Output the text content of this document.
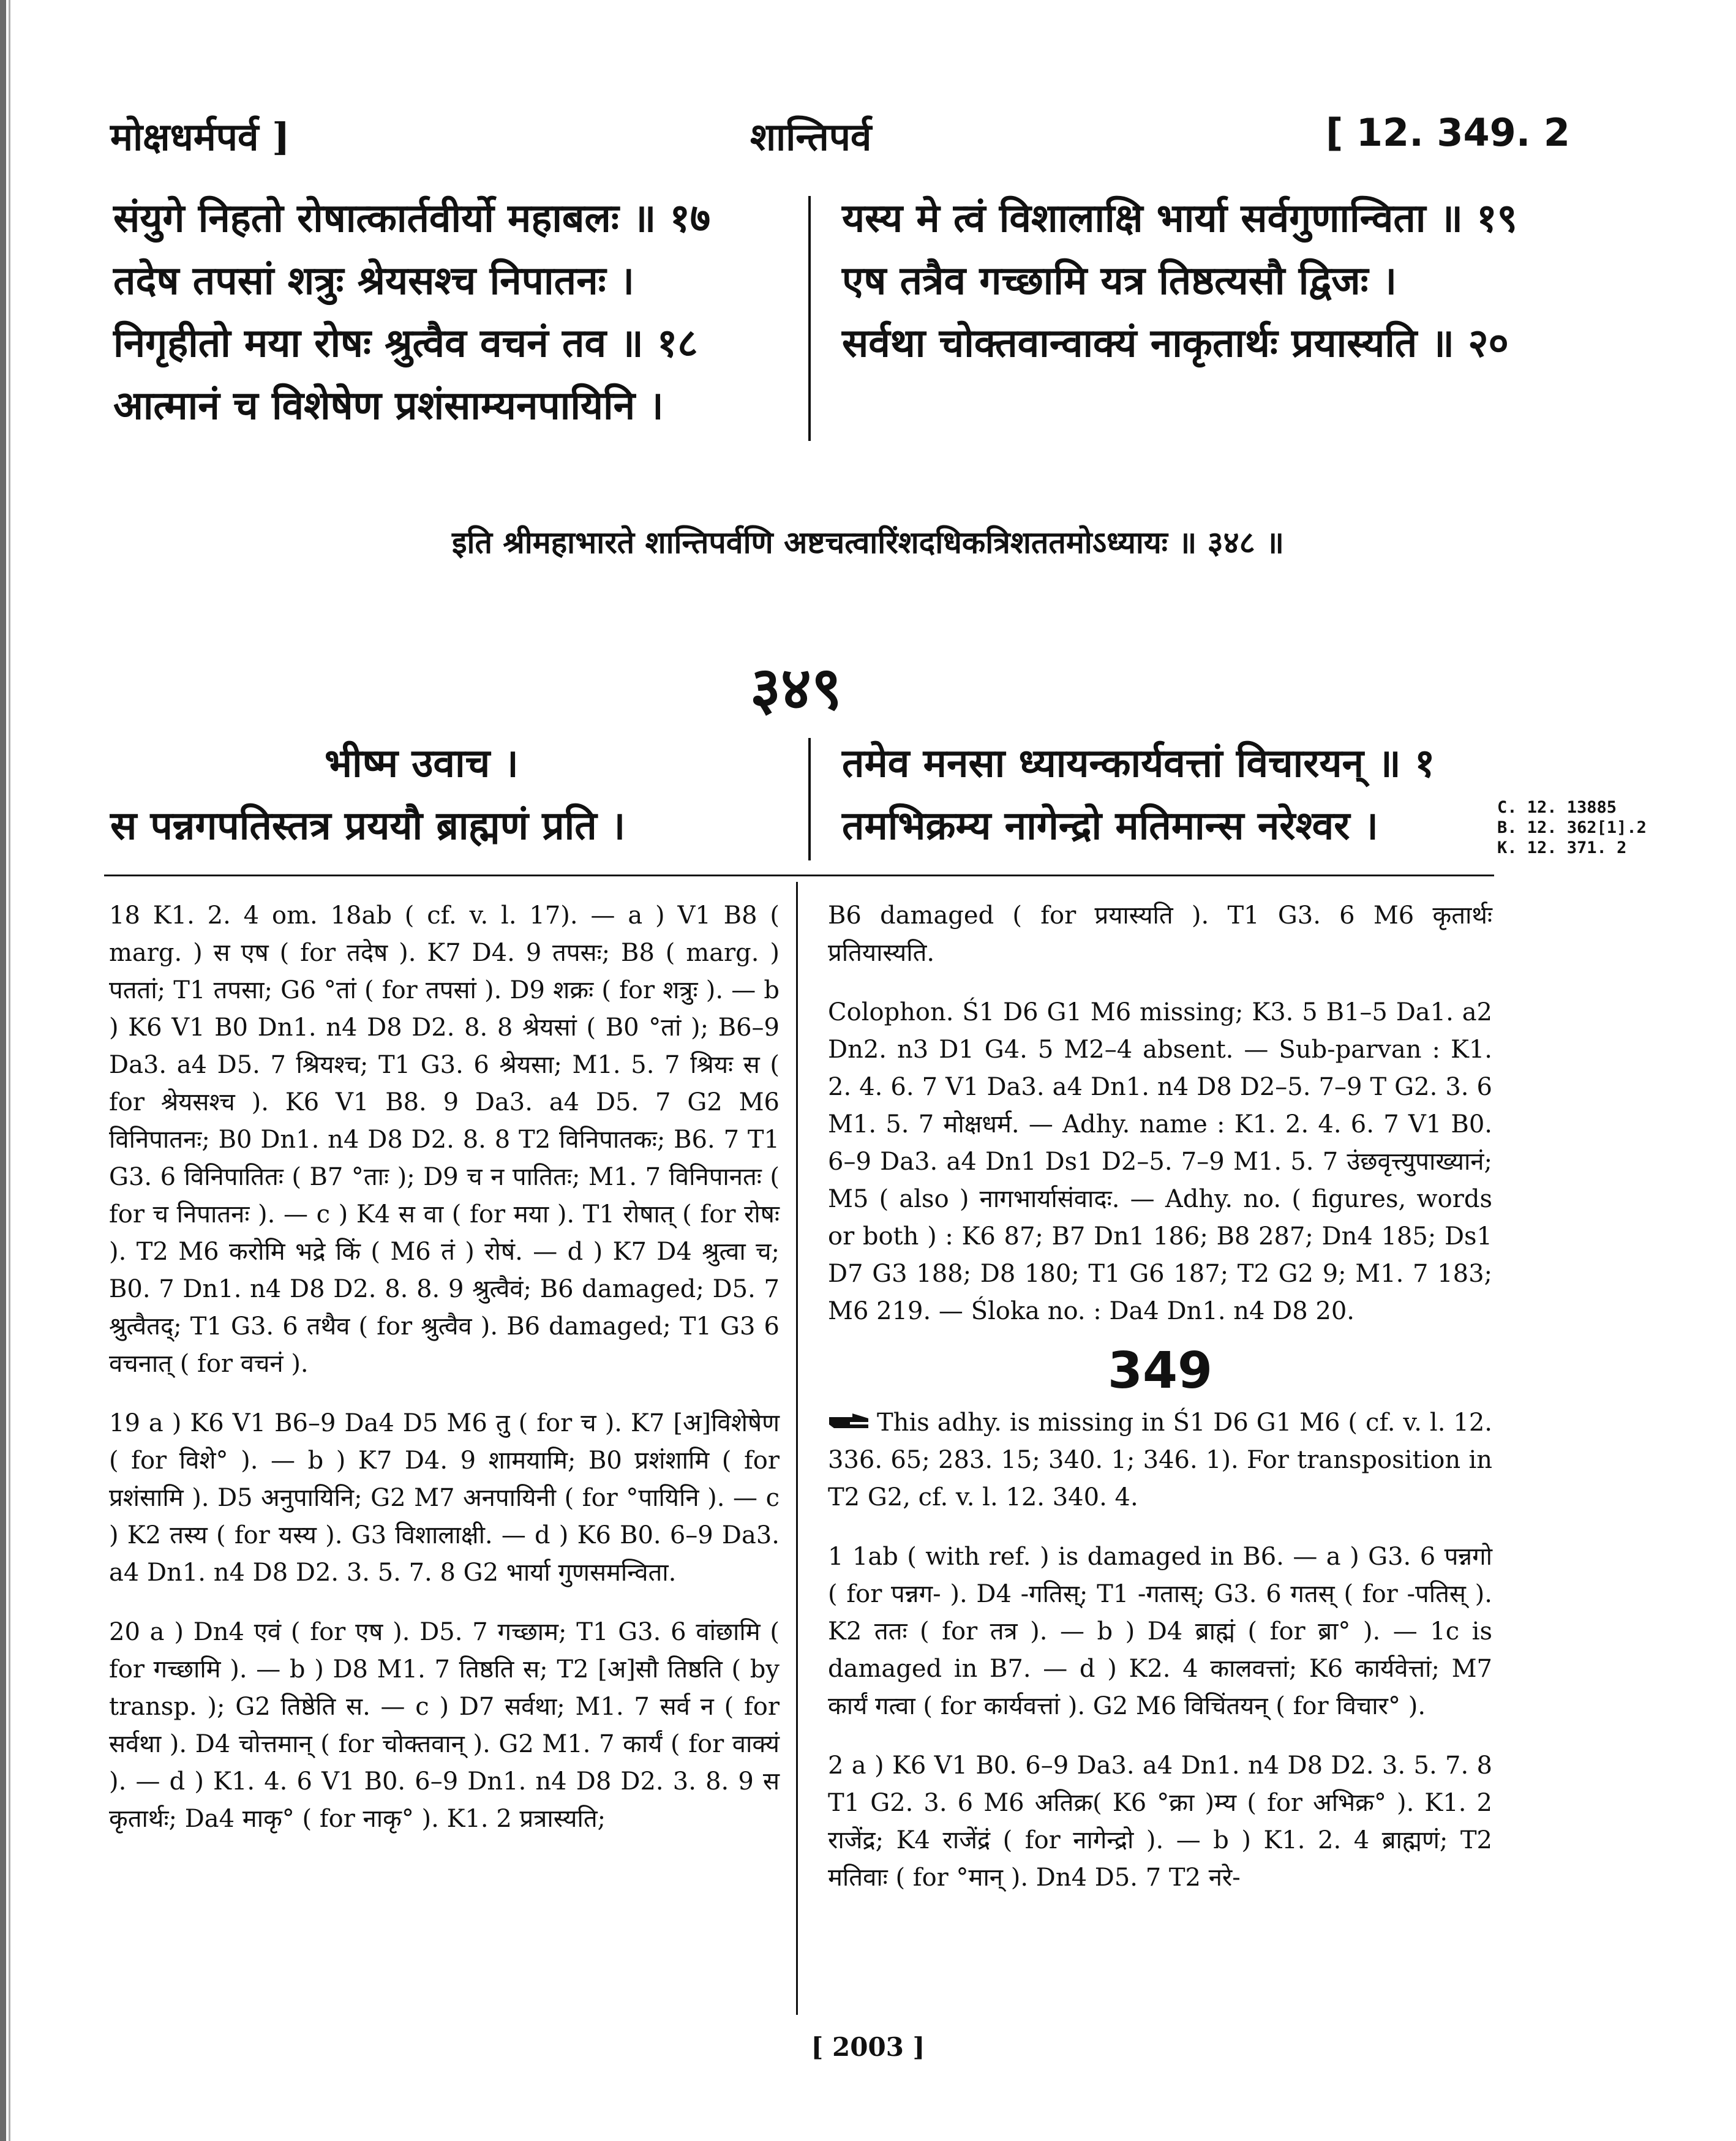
मोक्षधर्मपर्व ]	शान्तिपर्व	[ 12. 349. 2
संयुगे निहतो रोषात्कार्तवीर्यो महाबलः ॥ १७
तदेष तपसां शत्रुः श्रेयसश्च निपातनः ।
निगृहीतो मया रोषः श्रुत्वैव वचनं तव ॥ १८
आत्मानं च विशेषेण प्रशंसाम्यनपायिनि ।
यस्य मे त्वं विशालाक्षि भार्या सर्वगुणान्विता ॥ १९
एष तत्रैव गच्छामि यत्र तिष्ठत्यसौ द्विजः ।
सर्वथा चोक्तवान्वाक्यं नाकृतार्थः प्रयास्यति ॥ २०
इति श्रीमहाभारते शान्तिपर्वणि अष्टचत्वारिंशदधिकत्रिशततमोऽध्यायः ॥ ३४८ ॥
३४९
भीष्म उवाच ।
स पन्नगपतिस्तत्र प्रययौ ब्राह्मणं प्रति ।
तमेव मनसा ध्यायन्कार्यवत्तां विचारयन् ॥ १
तमभिक्रम्य नागेन्द्रो मतिमान्स नरेश्वर ।	C. 12. 13885
B. 12. 362[1].2
K. 12. 371. 2

18 K1. 2. 4 om. 18ab ( cf. v. l. 17). — a ) V1 B8 ( marg. ) स एष ( for तदेष ). K7 D4. 9 तपसः; B8 ( marg. ) पततां; T1 तपसा; G6 °तां ( for तपसां ). D9 शक्रः ( for शत्रुः ). — b ) K6 V1 B0 Dn1. n4 D8 D2. 8. 8 श्रेयसां ( B0 °तां ); B6–9 Da3. a4 D5. 7 श्रियश्च; T1 G3. 6 श्रेयसा; M1. 5. 7 श्रियः स ( for श्रेयसश्च ). K6 V1 B8. 9 Da3. a4 D5. 7 G2 M6 विनिपातनः; B0 Dn1. n4 D8 D2. 8. 8 T2 विनिपातकः; B6. 7 T1 G3. 6 विनिपातितः ( B7 °ताः ); D9 च न पातितः; M1. 7 विनिपानतः ( for च निपातनः ). — c ) K4 स वा ( for मया ). T1 रोषात् ( for रोषः ). T2 M6 करोमि भद्रे किं ( M6 तं ) रोषं. — d ) K7 D4 श्रुत्वा च; B0. 7 Dn1. n4 D8 D2. 8. 8. 9 श्रुत्वैवं; B6 damaged; D5. 7 श्रुत्वैतद्; T1 G3. 6 तथैव ( for श्रुत्वैव ). B6 damaged; T1 G3 6 वचनात् ( for वचनं ).

19 a ) K6 V1 B6–9 Da4 D5 M6 तु ( for च ). K7 [अ]विशेषेण ( for विशे° ). — b ) K7 D4. 9 शामयामि; B0 प्रशंशामि ( for प्रशंसामि ). D5 अनुपायिनि; G2 M7 अनपायिनी ( for °पायिनि ). — c ) K2 तस्य ( for यस्य ). G3 विशालाक्षी. — d ) K6 B0. 6–9 Da3. a4 Dn1. n4 D8 D2. 3. 5. 7. 8 G2 भार्या गुणसमन्विता.

20 a ) Dn4 एवं ( for एष ). D5. 7 गच्छाम; T1 G3. 6 वांछामि ( for गच्छामि ). — b ) D8 M1. 7 तिष्ठति स; T2 [अ]सौ तिष्ठति ( by transp. ); G2 तिष्ठेति स. — c ) D7 सर्वथा; M1. 7 सर्व न ( for सर्वथा ). D4 चोत्तमान् ( for चोक्तवान् ). G2 M1. 7 कार्यं ( for वाक्यं ). — d ) K1. 4. 6 V1 B0. 6–9 Dn1. n4 D8 D2. 3. 8. 9 स कृतार्थः; Da4 माकृ° ( for नाकृ° ). K1. 2 प्रत्रास्यति;

B6 damaged ( for प्रयास्यति ). T1 G3. 6 M6 कृतार्थः प्रतियास्यति.

Colophon. Ś1 D6 G1 M6 missing; K3. 5 B1–5 Da1. a2 Dn2. n3 D1 G4. 5 M2–4 absent. — Sub-parvan : K1. 2. 4. 6. 7 V1 Da3. a4 Dn1. n4 D8 D2–5. 7–9 T G2. 3. 6 M1. 5. 7 मोक्षधर्म. — Adhy. name : K1. 2. 4. 6. 7 V1 B0. 6–9 Da3. a4 Dn1 Ds1 D2–5. 7–9 M1. 5. 7 उंछवृत्त्युपाख्यानं; M5 ( also ) नागभार्यासंवादः. — Adhy. no. ( figures, words or both ) : K6 87; B7 Dn1 186; B8 287; Dn4 185; Ds1 D7 G3 188; D8 180; T1 G6 187; T2 G2 9; M1. 7 183; M6 219. — Śloka no. : Da4 Dn1. n4 D8 20.

349

This adhy. is missing in Ś1 D6 G1 M6 ( cf. v. l. 12. 336. 65; 283. 15; 340. 1; 346. 1). For transposition in T2 G2, cf. v. l. 12. 340. 4.

1 1ab ( with ref. ) is damaged in B6. — a ) G3. 6 पन्नगो ( for पन्नग- ). D4 -गतिस्; T1 -गतास्; G3. 6 गतस् ( for -पतिस् ). K2 ततः ( for तत्र ). — b ) D4 ब्राह्मं ( for ब्रा° ). — 1c is damaged in B7. — d ) K2. 4 कालवत्तां; K6 कार्यवेत्तां; M7 कार्यं गत्वा ( for कार्यवत्तां ). G2 M6 विचिंतयन् ( for विचार° ).

2 a ) K6 V1 B0. 6–9 Da3. a4 Dn1. n4 D8 D2. 3. 5. 7. 8 T1 G2. 3. 6 M6 अतिक्र( K6 °क्रा )म्य ( for अभिक्र° ). K1. 2 राजेंद्र; K4 राजेंद्रं ( for नागेन्द्रो ). — b ) K1. 2. 4 ब्राह्मणं; T2 मतिवाः ( for °मान् ). Dn4 D5. 7 T2 नरे-

[ 2003 ]
